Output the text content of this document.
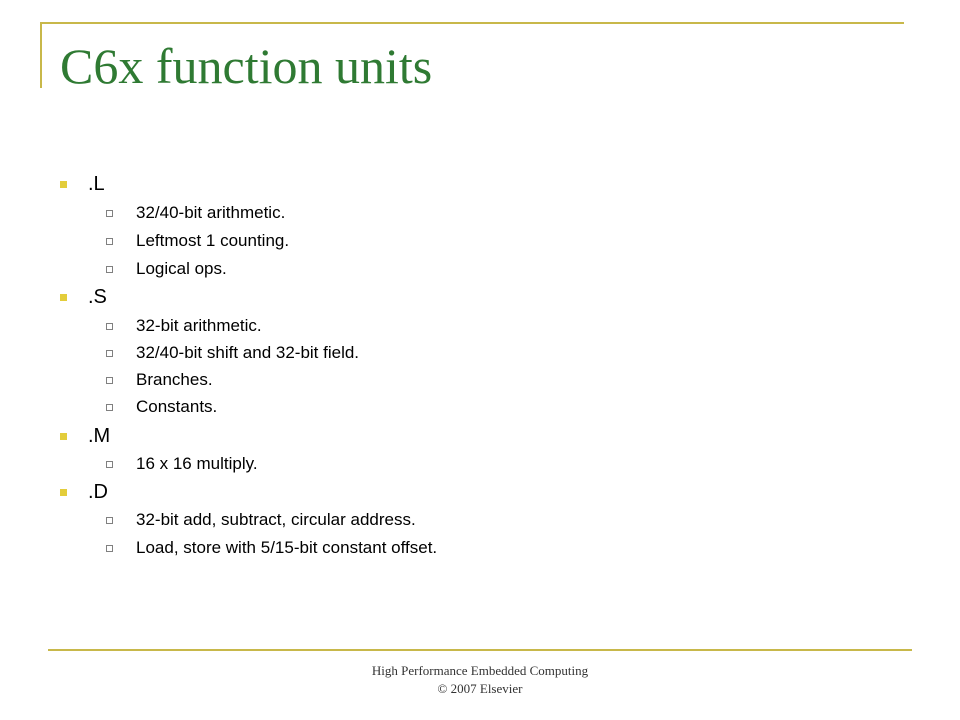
C6x function units
.L
32/40-bit arithmetic.
Leftmost 1 counting.
Logical ops.
.S
32-bit arithmetic.
32/40-bit shift and 32-bit field.
Branches.
Constants.
.M
16 x 16 multiply.
.D
32-bit add, subtract, circular address.
Load, store with 5/15-bit constant offset.
High Performance Embedded Computing
© 2007 Elsevier
